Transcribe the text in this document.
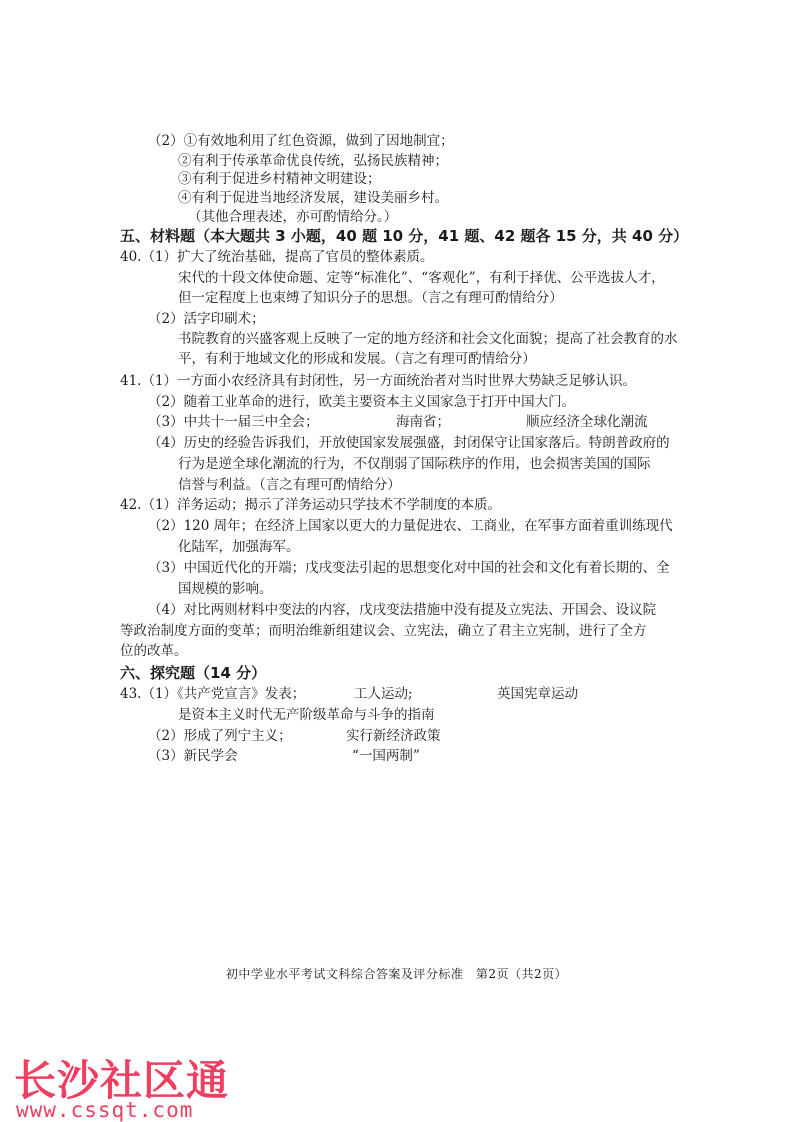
（2）①有效地利用了红色资源，做到了因地制宜；
②有利于传承革命优良传统，弘扬民族精神；
③有利于促进乡村精神文明建设；
④有利于促进当地经济发展，建设美丽乡村。
（其他合理表述，亦可酌情给分。）
五、材料题（本大题共 3 小题，40 题 10 分，41 题、42 题各 15 分，共 40 分）
40.（1）扩大了统治基础，提高了官员的整体素质。
宋代的十段文体使命题、定等“标准化”、“客观化”，有利于择优、公平选拔人才，
但一定程度上也束缚了知识分子的思想。（言之有理可酌情给分）
（2）活字印刷术；
书院教育的兴盛客观上反映了一定的地方经济和社会文化面貌；提高了社会教育的水
平，有利于地域文化的形成和发展。（言之有理可酌情给分）
41.（1）一方面小农经济具有封闭性，另一方面统治者对当时世界大势缺乏足够认识。
（2）随着工业革命的进行，欧美主要资本主义国家急于打开中国大门。
（3）中共十一届三中全会；	海南省；	顺应经济全球化潮流
（4）历史的经验告诉我们，开放使国家发展强盛，封闭保守让国家落后。特朗普政府的
行为是逆全球化潮流的行为，不仅削弱了国际秩序的作用，也会损害美国的国际
信誉与利益。（言之有理可酌情给分）
42.（1）洋务运动；揭示了洋务运动只学技术不学制度的本质。
（2）120 周年；在经济上国家以更大的力量促进农、工商业，在军事方面着重训练现代
化陆军，加强海军。
（3）中国近代化的开端；戊戌变法引起的思想变化对中国的社会和文化有着长期的、全
国规模的影响。
（4）对比两则材料中变法的内容，戊戌变法措施中没有提及立宪法、开国会、设议院
等政治制度方面的变革；而明治维新组建议会、立宪法，确立了君主立宪制，进行了全方
位的改革。
六、探究题（14 分）
43.（1）《共产党宣言》发表；	工人运动;	英国宪章运动
是资本主义时代无产阶级革命与斗争的指南
（2）形成了列宁主义；	实行新经济政策
（3）新民学会	“一国两制”
初中学业水平考试文科综合答案及评分标准　第2页（共2页）
长沙社区通
www.cssqt.com
